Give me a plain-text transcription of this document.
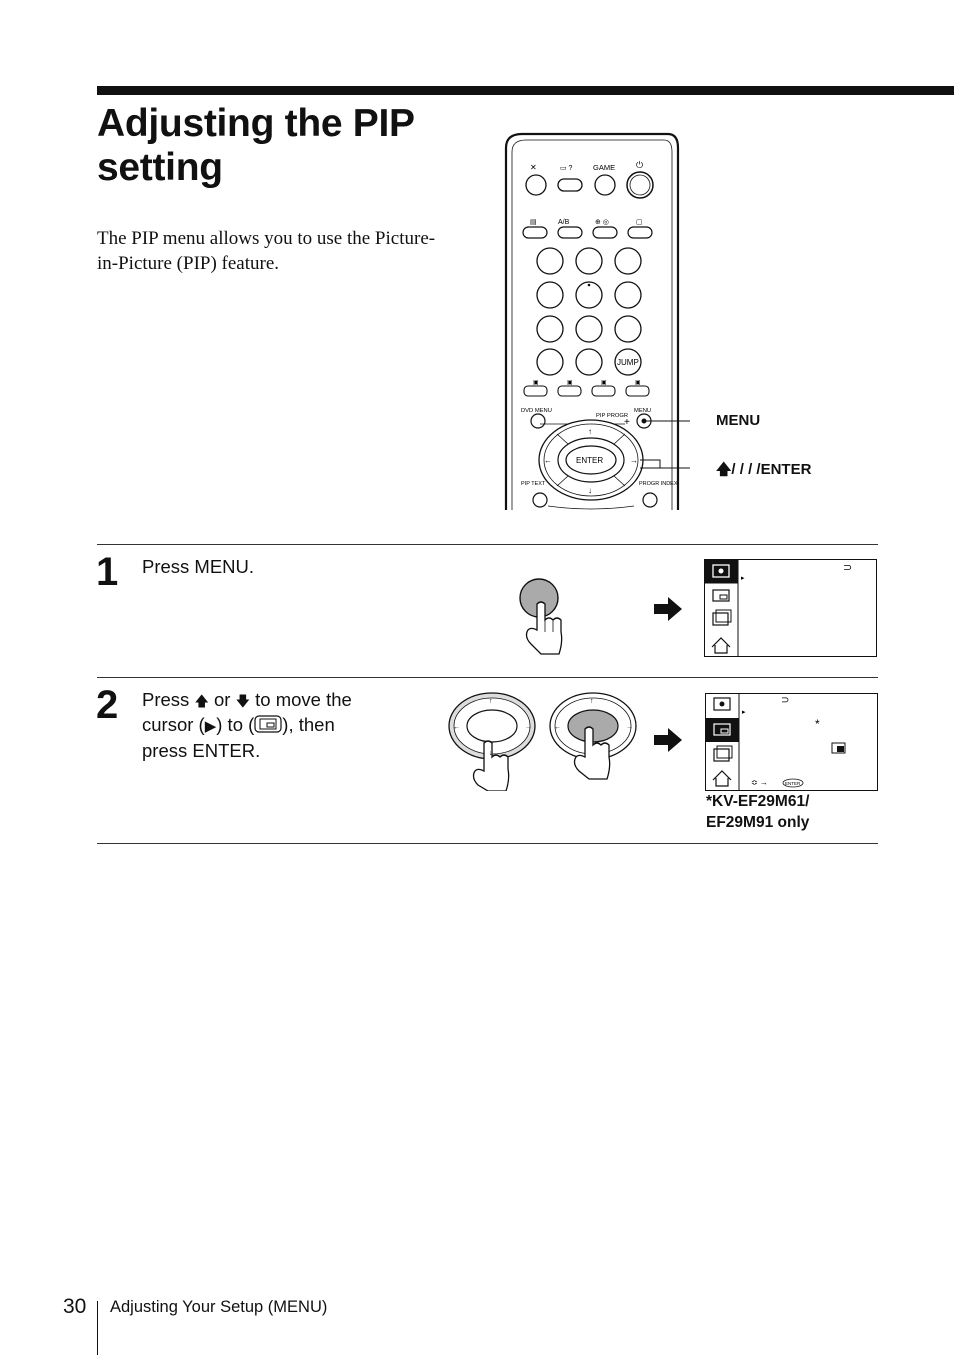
Adjusting the PIP
setting

The PIP menu allows you to use the Picture-in-Picture (PIP) feature.

✕	GAME
▭ ?	⏻
▤	A/B	⊕ ◎	▢
JUMP
▣	▣	▣	▣
DVD MENU
PIP PROGR
MENU
+
↑
↓
←	→
ENTER
PIP TEXT	PROGR INDEX
MENU
🡅/ / / /ENTER
1 Press MENU.
▸
⊃
2 Press 🡅 or 🡇 to move the
cursor (▶) to ( ), then
press ENTER.
↑
←	→
↓
↑
←	→
▸
⊃
*
≎ →	ENTER
*KV-EF29M61/
EF29M91 only
30 Adjusting Your Setup (MENU)
